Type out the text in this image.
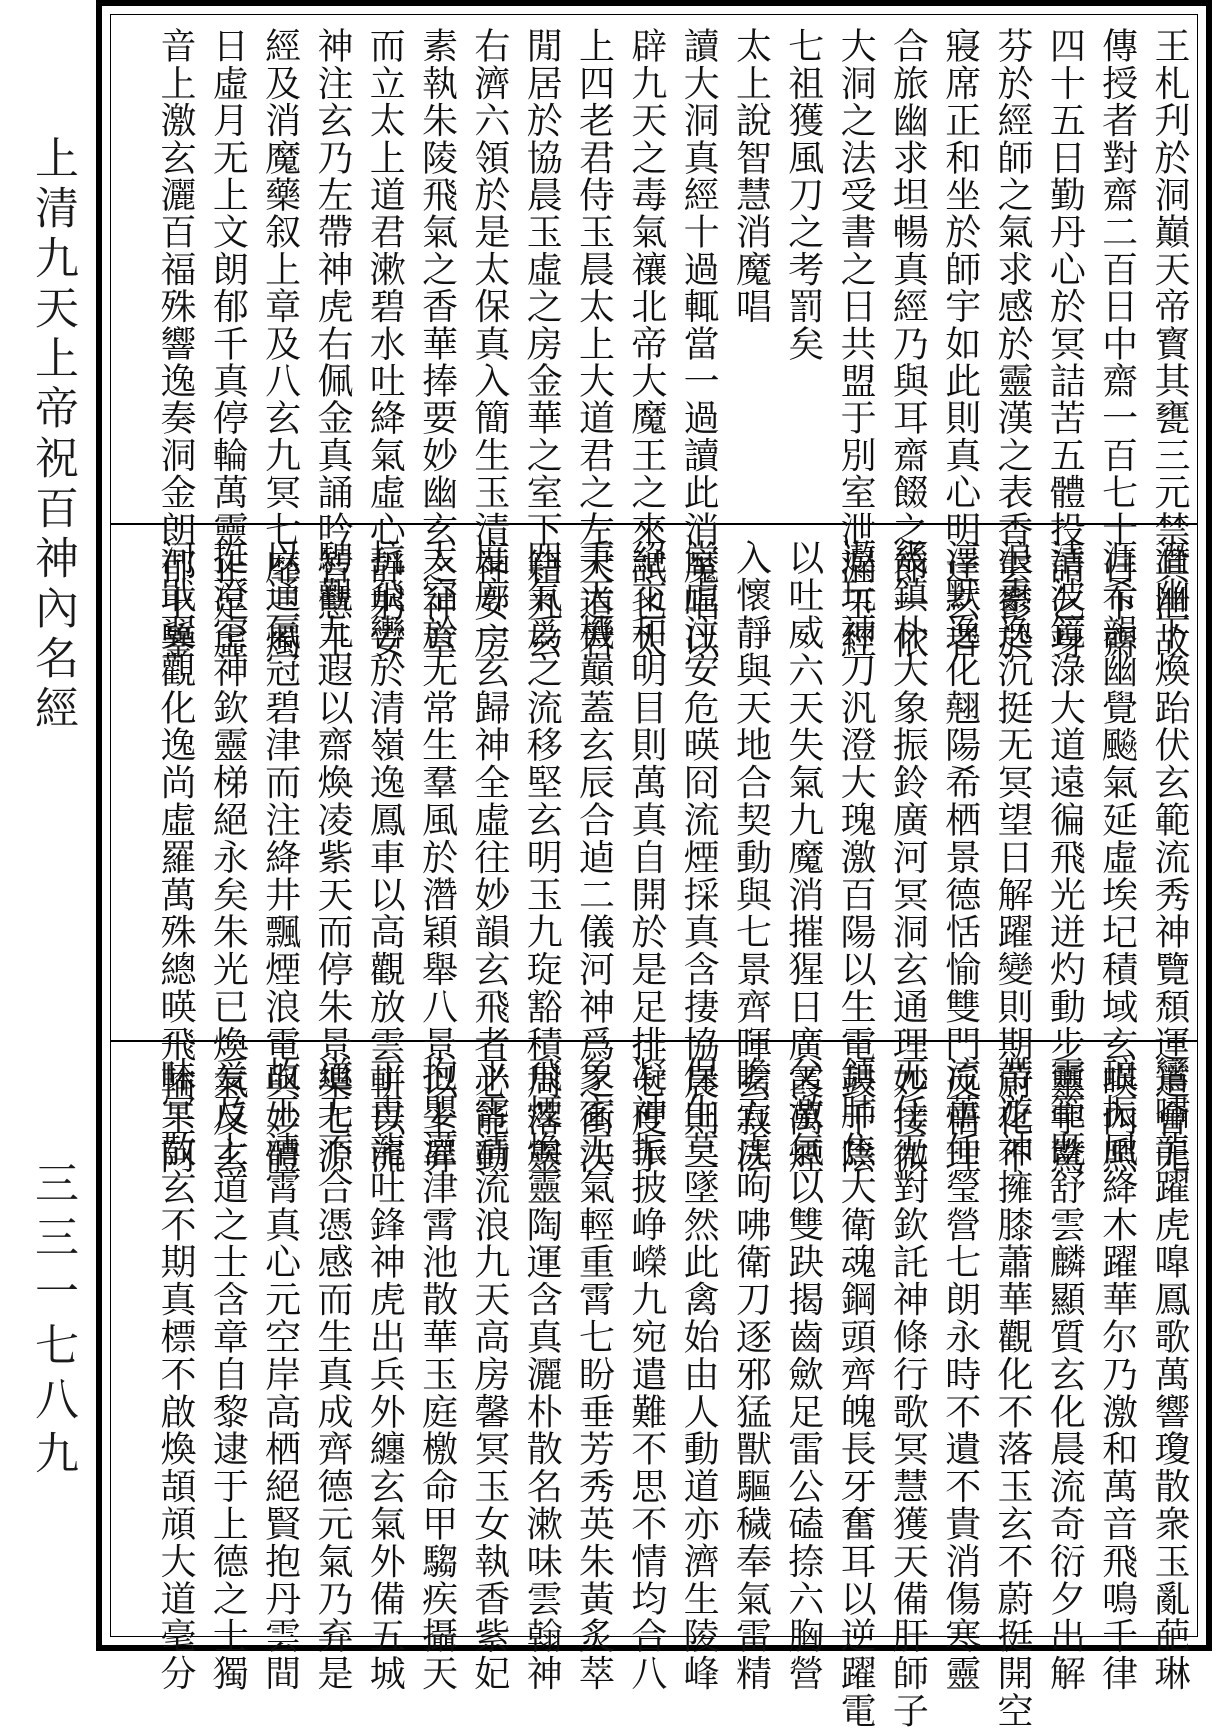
上清九天上帝祝百神內名經
三三一七八九
王札刋於洞巔天帝寳其甕三元禁其泄故
傳授者對齋二百日中齋一百七十日下齋
四十五日勤丹心於冥詰苦五體投請乞身
芬於經師之氣求感於靈漢之表香雲鬱於
寢席正和坐於師宇如此則真心明達玄者
合旅幽求坦暢真經乃與耳齋餟之節一依
大洞之法受書之日共盟于別室泄漏玉經
七祖獲風刀之考罰矣
太上說智慧消魔唱
讀大洞真經十過輒當一過讀此消魔唱以
辟九天之毒氣禳北帝大魔王之來試也太
上四老君侍玉晨太上大道君之左大道君
閒居於協晨玉虛之房金華之室下籍九玄
右濟六領於是太保真入簡生玉清神女房
素執朱陵飛氣之香華捧要妙幽玄之神章
而立太上道君漱碧水吐絳氣虛心靜躬安
神注玄乃左帶神虎右佩金真誦吟智慧王
經及消魔藥叙上章及八玄九冥七靡三燭
日虛月无上文朗郁千真停輪萬靈止足虛
音上激玄灑百福殊響逸奏洞金朗郁上鑒
潛幽下煥跆伏玄範流秀神覽頹運道會无
涯希韻幽覺飈氣延虛埃圮積域玄暎內照
清波鏡淥大道遠徧飛光迸灼動步靈宇驚
浪素逸沉挺无冥望日解躍變則期蔚化不
淳默逸化翹陽希栖景德恬愉雙門反悟理
幾鎮朴大象振鈴廣河冥洞玄通理妙接微
遨玩神刀汎澄大瑰激百陽以生電鼓千陰
以吐威六天失氣九魔消摧猩日廣霞萬煙
入懷靜與天地合契動與七景齊暉玄寂法
堂虛注安危暎冏流煙採真含捿協晨則二
絕交和明目則萬真自開於是足排七度手
秉天機巔蓋玄辰合逌二儀河神爲之衝決
四氣爲之流移堅玄明玉九琁豁積周落靈
度廓一玄歸神全虛往妙韻玄飛者必能動
太空於无常生羣風於濳穎舉八景以上昇
抗飛轡於清嶺逸鳳車以高觀放雲軿以流
騁觀九遐以齋煥凌紫天而停朱景樂七源
以通氣冠碧津而注絳井飄煙浪電與妙體
挺澄空神欽靈梯絕永矣朱光已煥氣反玄
河戢翼觀化逸尚虛羅萬殊總暎飛輪王阿
鸞嘯龍躍虎嘷鳳歌萬響瓊散衆玉亂葩琳
琅振風絳木躍華尔乃激和萬音飛鳴千律
靈範既舒雲麟顯質玄化晨流奇衍夕出解
帶遊神擁膝蕭華觀化不落玉玄不蔚挺開空
流蕭任瑩營七朗永時不遺不貴消傷寒靈
无任无對欽託神條行歌冥慧獲天備肝師子
鎮肺焦大衛魂鋼頭齊魄長牙奮耳以逆躍電
父激氣以雙趹揭齒歛足雷公磕捺六胸營
瞻五虎呴咈衛刀逐邪猛獸驅穢奉氣雷精
保生莫墜然此禽始由人動道亦濟生陵峰
凝神振披峥嶸九宛遣難不思不情均合八
象玄无氣輕重霄七盼垂芳秀英朱黃炙萃
飛煙煥靈陶運含真灑朴散名漱味雲翰神
平霄清流浪九天高房馨冥玉女執香紫妃
抱嬰灌津霄池散華玉庭檄命甲騶疾攝天
丁毒龍吐鋒神虎出兵外纏玄氣外備五城
道无不合憑感而生真成齊德元氣乃弃是
故王清霄真心元空岸高栖絕賢抱丹雲間
爰及上道之士含章自黎逮于上德之士獨
味冥散玄不期真標不啟煥頡頏大道毫分
